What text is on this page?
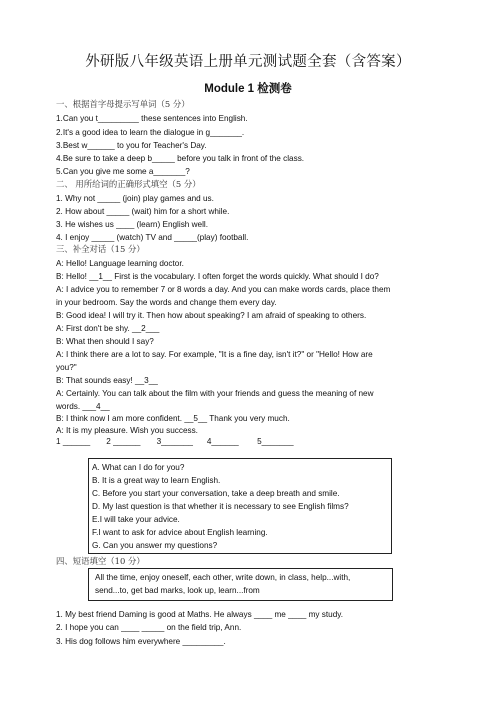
外研版八年级英语上册单元测试题全套（含答案）
Module 1 检测卷
一、根据首字母提示写单词（5 分）
1.Can you t_________ these sentences into English.
2.It's a good idea to learn the dialogue in g_______.
3.Best w______ to you for Teacher's Day.
4.Be sure to take a deep b_____ before you talk in front of the class.
5.Can you give me some a_______?
二、 用所给词的正确形式填空（5 分）
1. Why not _____ (join) play games and us.
2. How about _____ (wait) him for a short while.
3. He wishes us ____ (learn) English well.
4. I enjoy _____ (watch) TV and _____(play) football.
三、补全对话（15 分）
A: Hello! Language learning doctor.
B: Hello! __1__ First is the vocabulary. I often forget the words quickly. What should I do?
A: I advice you to remember 7 or 8 words a day. And you can make words cards, place them
in your bedroom. Say the words and change them every day.
B: Good idea! I will try it. Then how about speaking? I am afraid of speaking to others.
A: First don't be shy. __2___
B: What then should I say?
A: I think there are a lot to say. For example, "It is a fine day, isn't it?" or "Hello! How are
you?"
B: That sounds easy! __3__
A: Certainly. You can talk about the film with your friends and guess the meaning of new
words. ___4__
B: I think now I am more confident. __5__ Thank you very much.
A: It is my pleasure. Wish you success.
1 ______ 2 ______ 3_______ 4______ 5_______
A. What can I do for you?
B. It is a great way to learn English.
C. Before you start your conversation, take a deep breath and smile.
D. My last question is that whether it is necessary to see English films?
E.I will take your advice.
F.I want to ask for advice about English learning.
G. Can you answer my questions?
四、短语填空（10 分）
All the time, enjoy oneself, each other, write down, in class, help...with,
send...to, get bad marks, look up, learn...from
1. My best friend Daming is good at Maths. He always ____ me ____ my study.
2. I hope you can ____ _____ on the field trip, Ann.
3. His dog follows him everywhere _________.
